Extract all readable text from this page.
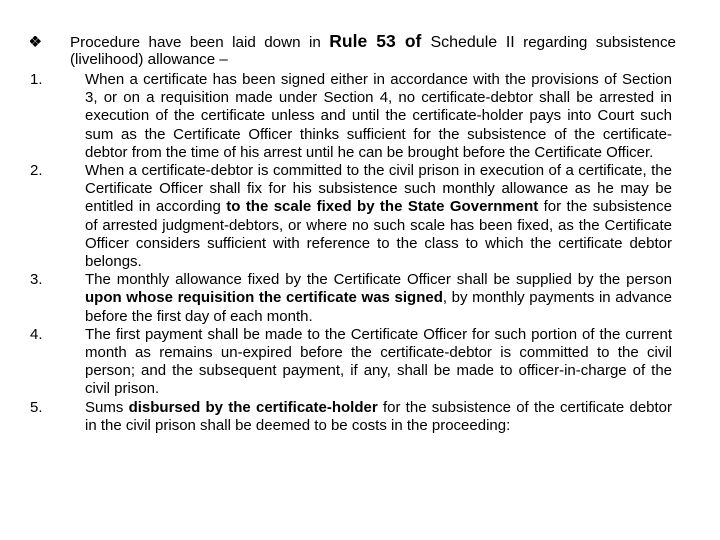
Procedure have been laid down in Rule 53 of Schedule II regarding subsistence (livelihood) allowance –
1.	When a certificate has been signed either in accordance with the provisions of Section 3, or on a requisition made under Section 4, no certificate-debtor shall be arrested in execution of the certificate unless and until the certificate-holder pays into Court such sum as the Certificate Officer thinks sufficient for the subsistence of the certificate-debtor from the time of his arrest until he can be brought before the Certificate Officer.
2.	When a certificate-debtor is committed to the civil prison in execution of a certificate, the Certificate Officer shall fix for his subsistence such monthly allowance as he may be entitled in according to the scale fixed by the State Government for the subsistence of arrested judgment-debtors, or where no such scale has been fixed, as the Certificate Officer considers sufficient with reference to the class to which the certificate debtor belongs.
3.	The monthly allowance fixed by the Certificate Officer shall be supplied by the person upon whose requisition the certificate was signed, by monthly payments in advance before the first day of each month.
4.	The first payment shall be made to the Certificate Officer for such portion of the current month as remains un-expired before the certificate-debtor is committed to the civil person; and the subsequent payment, if any, shall be made to officer-in-charge of the civil prison.
5.	Sums disbursed by the certificate-holder for the subsistence of the certificate debtor in the civil prison shall be deemed to be costs in the proceeding:
